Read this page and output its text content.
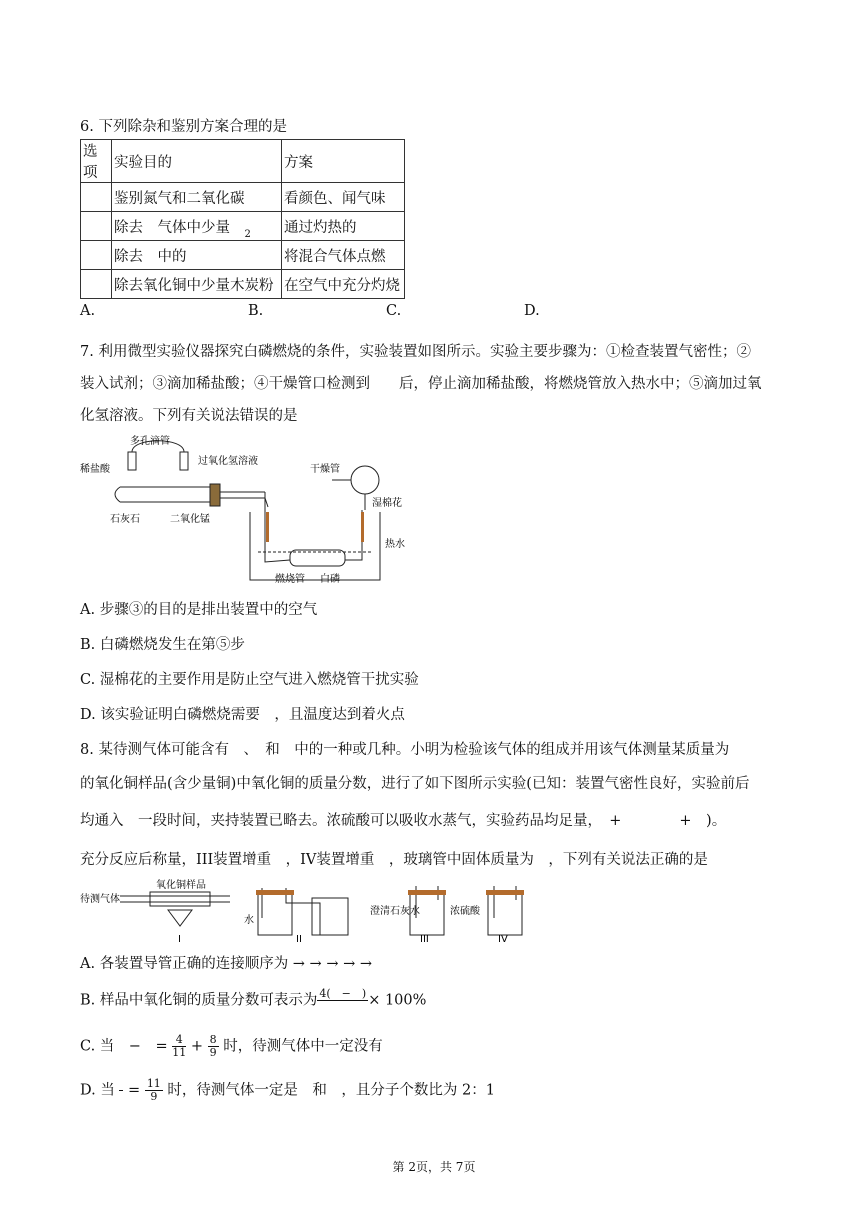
6. 下列除杂和鉴别方案合理的是
选项	实验目的	方案
	鉴别氮气和二氧化碳	看颜色、闻气味
	除去　气体中少量　$_2$	通过灼热的
	除去　中的	将混合气体点燃
	除去氧化铜中少量木炭粉	在空气中充分灼烧
A.	B.	C.	D.
7. 利用微型实验仪器探究白磷燃烧的条件，实验装置如图所示。实验主要步骤为：①检查装置气密性；②
装入试剂；③滴加稀盐酸；④干燥管口检测到　　后，停止滴加稀盐酸，将燃烧管放入热水中；⑤滴加过氧
化氢溶液。下列有关说法错误的是
稀盐酸
多孔滴管
过氧化氢溶液
石灰石	二氧化锰
干燥管
湿棉花
热水
燃烧管 白磷
A. 步骤③的目的是排出装置中的空气
B. 白磷燃烧发生在第⑤步
C. 湿棉花的主要作用是防止空气进入燃烧管干扰实验
D. 该实验证明白磷燃烧需要　，且温度达到着火点
8. 某待测气体可能含有　、　和　中的一种或几种。小明为检验该气体的组成并用该气体测量某质量为
的氧化铜样品(含少量铜)中氧化铜的质量分数，进行了如下图所示实验(已知：装置气密性良好，实验前后
均通入　一段时间，夹持装置已略去。浓硫酸可以吸收水蒸气，实验药品均足量，　+　　　　+　)。
充分反应后称量，III装置增重　，IV装置增重　，玻璃管中固体质量为　，下列有关说法正确的是
待测气体
氧化铜样品
水
澄清石灰水	浓硫酸
I	II	III	IV
A. 各装置导管正确的连接顺序为 → → → → →
B. 样品中氧化铜的质量分数可表示为 4(　−　) × 100%
C. 当　−　= $\frac{4}{11} + \frac{8}{9}$ 时，待测气体中一定没有
D. 当
= $\frac{11}{9}$ 时，待测气体一定是　和　，且分子个数比为 2：1
第 2页，共 7页
